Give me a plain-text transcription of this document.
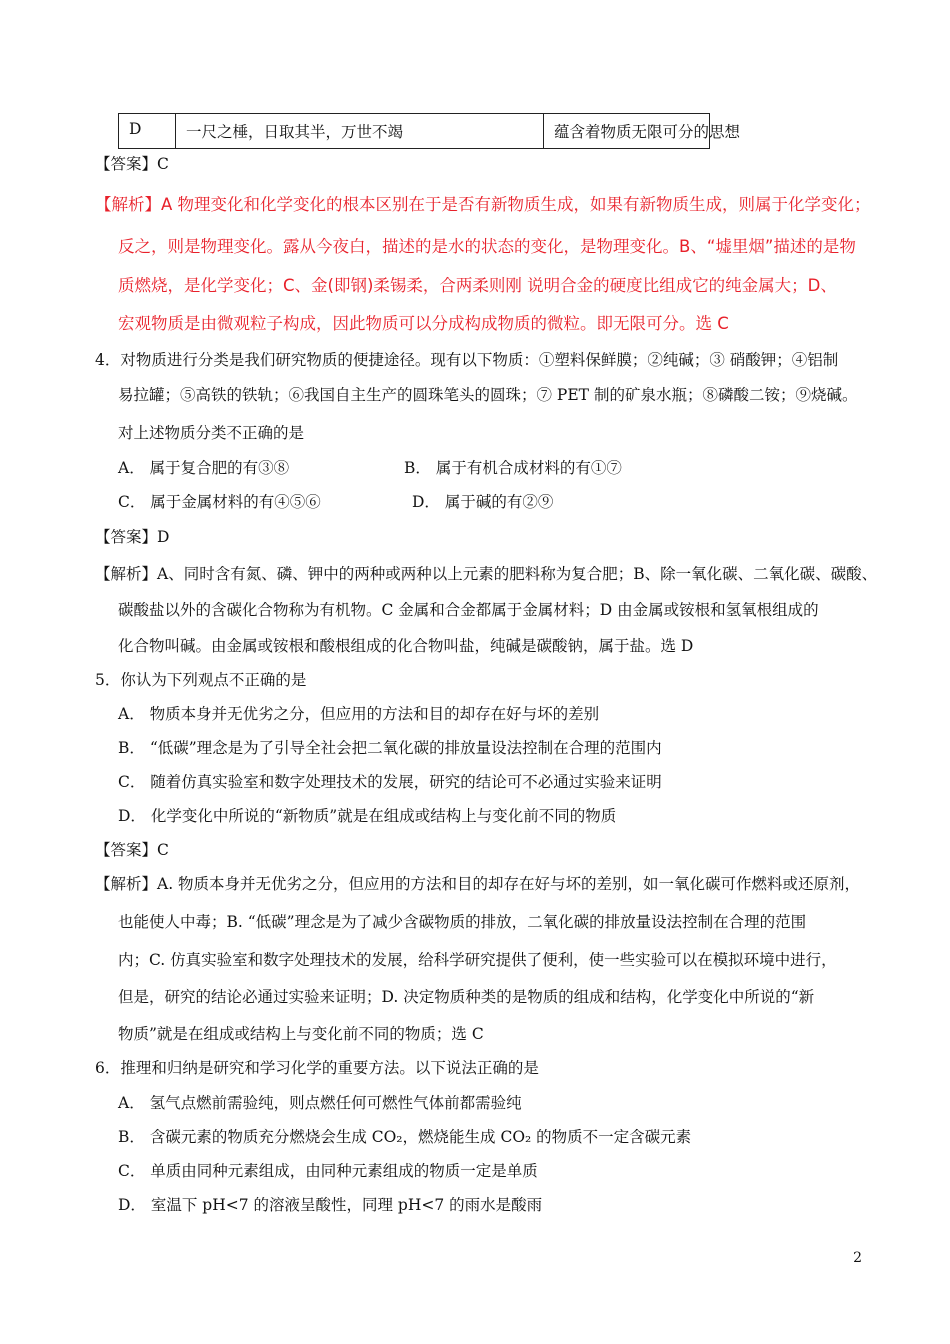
D	一尺之棰，日取其半，万世不竭	蕴含着物质无限可分的思想
【答案】C
【解析】A 物理变化和化学变化的根本区别在于是否有新物质生成，如果有新物质生成，则属于化学变化；
反之，则是物理变化。露从今夜白，描述的是水的状态的变化，是物理变化。B、“墟里烟”描述的是物
质燃烧，是化学变化；C、金(即钢)柔锡柔，合两柔则刚 说明合金的硬度比组成它的纯金属大；D、
宏观物质是由微观粒子构成，因此物质可以分成构成物质的微粒。即无限可分。选 C
4．对物质进行分类是我们研究物质的便捷途径。现有以下物质：①塑料保鲜膜；②纯碱；③ 硝酸钾；④铝制
易拉罐；⑤高铁的铁轨；⑥我国自主生产的圆珠笔头的圆珠；⑦ PET 制的矿泉水瓶；⑧磷酸二铵；⑨烧碱。
对上述物质分类不正确的是
A． 属于复合肥的有③⑧	B． 属于有机合成材料的有①⑦
C． 属于金属材料的有④⑤⑥	D． 属于碱的有②⑨
【答案】D
【解析】A、同时含有氮、磷、钾中的两种或两种以上元素的肥料称为复合肥；B、除一氧化碳、二氧化碳、碳酸、
碳酸盐以外的含碳化合物称为有机物。C 金属和合金都属于金属材料；D 由金属或铵根和氢氧根组成的
化合物叫碱。由金属或铵根和酸根组成的化合物叫盐，纯碱是碳酸钠，属于盐。选 D
5．你认为下列观点不正确的是
A． 物质本身并无优劣之分，但应用的方法和目的却存在好与坏的差别
B． “低碳”理念是为了引导全社会把二氧化碳的排放量设法控制在合理的范围内
C． 随着仿真实验室和数字处理技术的发展，研究的结论可不必通过实验来证明
D． 化学变化中所说的“新物质”就是在组成或结构上与变化前不同的物质
【答案】C
【解析】A. 物质本身并无优劣之分，但应用的方法和目的却存在好与坏的差别，如一氧化碳可作燃料或还原剂，
也能使人中毒；B. “低碳”理念是为了减少含碳物质的排放，二氧化碳的排放量设法控制在合理的范围
内；C. 仿真实验室和数字处理技术的发展，给科学研究提供了便利，使一些实验可以在模拟环境中进行，
但是，研究的结论必通过实验来证明；D. 决定物质种类的是物质的组成和结构，化学变化中所说的“新
物质”就是在组成或结构上与变化前不同的物质；选 C
6．推理和归纳是研究和学习化学的重要方法。以下说法正确的是
A． 氢气点燃前需验纯，则点燃任何可燃性气体前都需验纯
B． 含碳元素的物质充分燃烧会生成 CO₂，燃烧能生成 CO₂ 的物质不一定含碳元素
C． 单质由同种元素组成，由同种元素组成的物质一定是单质
D． 室温下 pH<7 的溶液呈酸性，同理 pH<7 的雨水是酸雨
2
